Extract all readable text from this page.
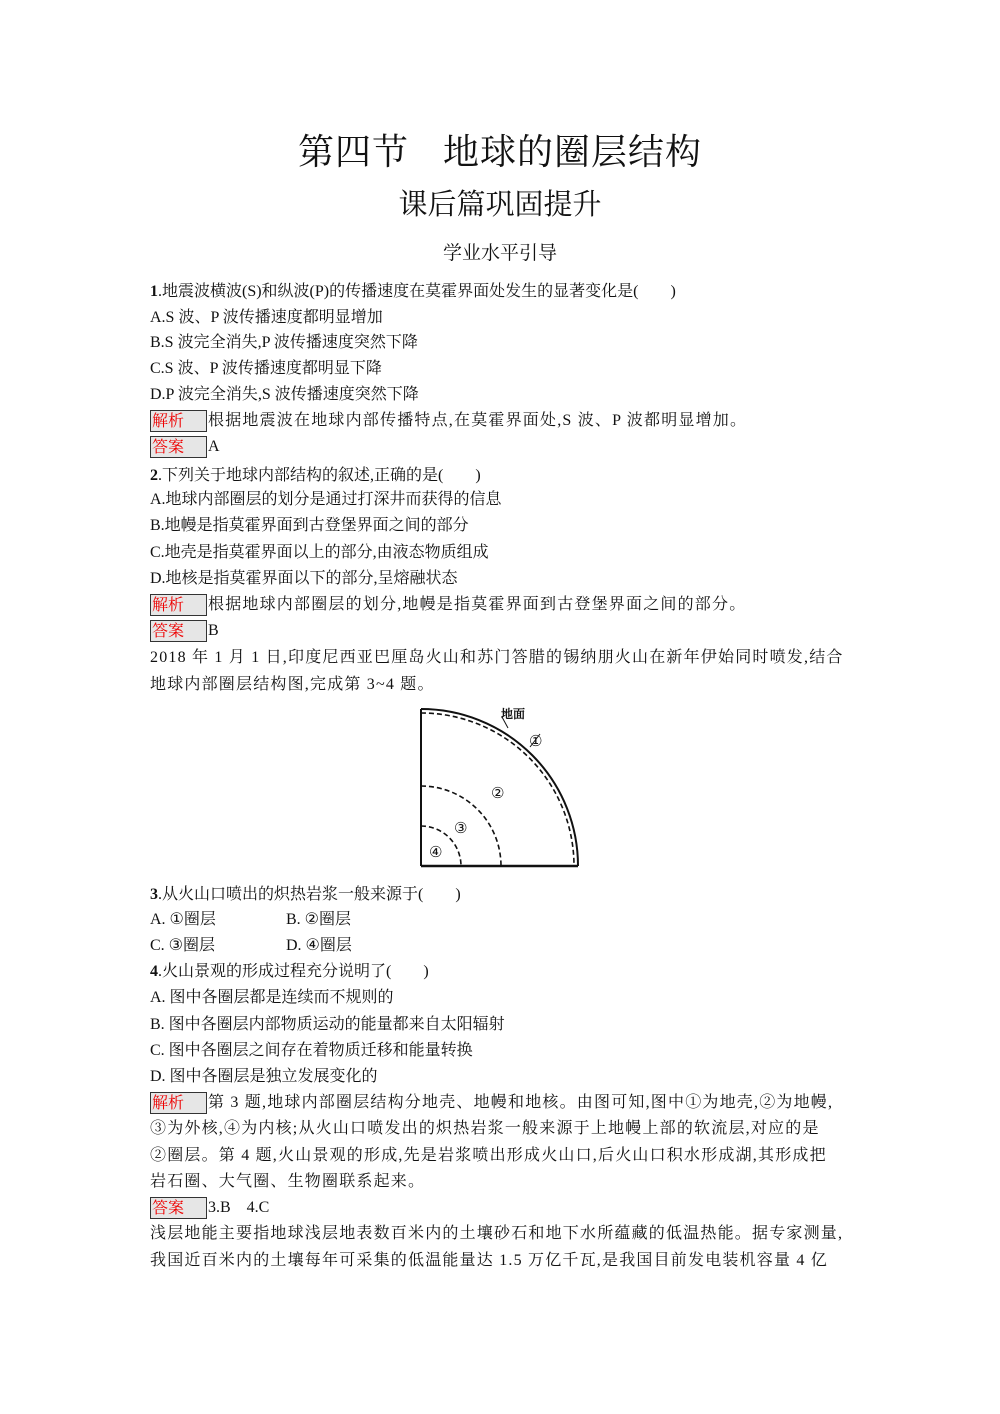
第四节 地球的圈层结构
课后篇巩固提升
学业水平引导
1.地震波横波(S)和纵波(P)的传播速度在莫霍界面处发生的显著变化是(　　)
A.S 波、P 波传播速度都明显增加
B.S 波完全消失,P 波传播速度突然下降
C.S 波、P 波传播速度都明显下降
D.P 波完全消失,S 波传播速度突然下降
解析 根据地震波在地球内部传播特点,在莫霍界面处,S 波、P 波都明显增加。
答案 A
2.下列关于地球内部结构的叙述,正确的是(　　)
A.地球内部圈层的划分是通过打深井而获得的信息
B.地幔是指莫霍界面到古登堡界面之间的部分
C.地壳是指莫霍界面以上的部分,由液态物质组成
D.地核是指莫霍界面以下的部分,呈熔融状态
解析 根据地球内部圈层的划分,地幔是指莫霍界面到古登堡界面之间的部分。
答案 B
2018 年 1 月 1 日,印度尼西亚巴厘岛火山和苏门答腊的锡纳朋火山在新年伊始同时喷发,结合
地球内部圈层结构图,完成第 3~4 题。
地面
①
②
③
④
3.从火山口喷出的炽热岩浆一般来源于(　　)
A. ①圈层	B. ②圈层
C. ③圈层	D. ④圈层
4.火山景观的形成过程充分说明了(　　)
A. 图中各圈层都是连续而不规则的
B. 图中各圈层内部物质运动的能量都来自太阳辐射
C. 图中各圈层之间存在着物质迁移和能量转换
D. 图中各圈层是独立发展变化的
解析 第 3 题,地球内部圈层结构分地壳、地幔和地核。由图可知,图中①为地壳,②为地幔,
③为外核,④为内核;从火山口喷发出的炽热岩浆一般来源于上地幔上部的软流层,对应的是
②圈层。第 4 题,火山景观的形成,先是岩浆喷出形成火山口,后火山口积水形成湖,其形成把
岩石圈、大气圈、生物圈联系起来。
答案 3.B　4.C
浅层地能主要指地球浅层地表数百米内的土壤砂石和地下水所蕴藏的低温热能。据专家测量,
我国近百米内的土壤每年可采集的低温能量达 1.5 万亿千瓦,是我国目前发电装机容量 4 亿
